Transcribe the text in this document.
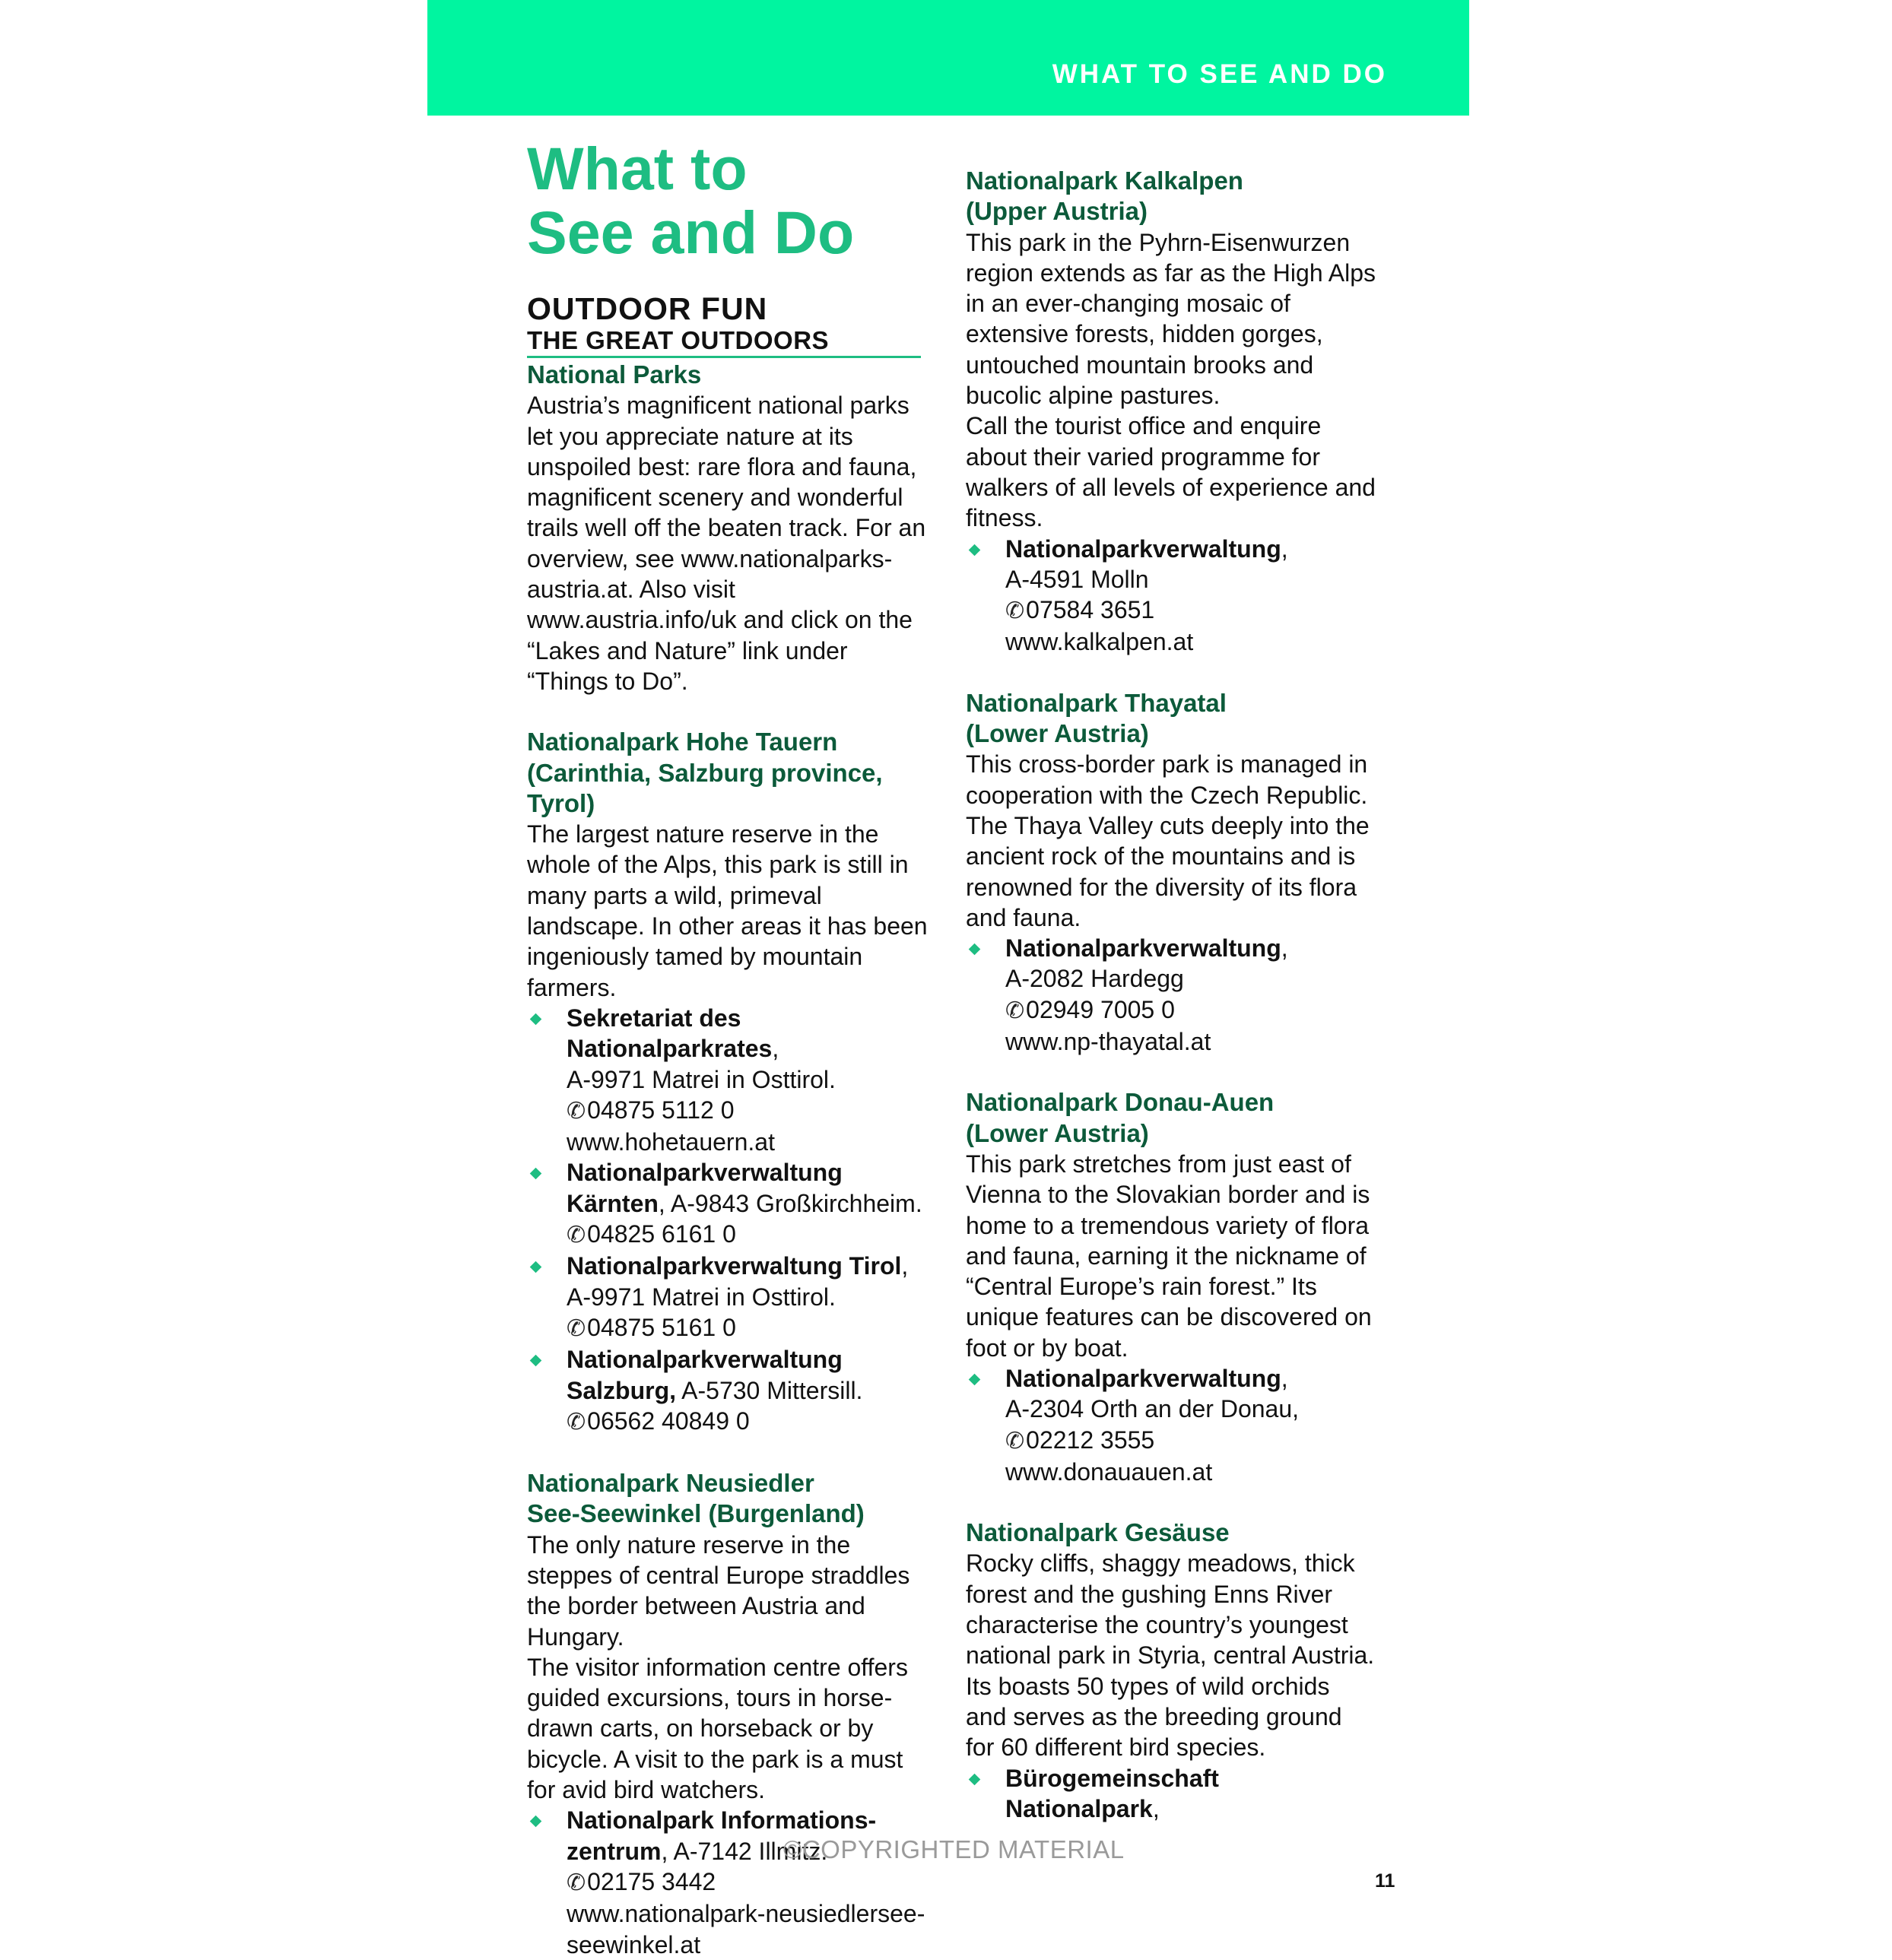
WHAT TO SEE AND DO
What to
See and Do
OUTDOOR FUN
THE GREAT OUTDOORS
National Parks

Austria’s magnificent national parks let you appreciate nature at its unspoiled best: rare flora and fauna, magnificent scenery and wonderful trails well off the beaten track. For an overview, see www.nationalparks-austria.at. Also visit www.austria.info/uk and click on the “Lakes and Nature” link under “Things to Do”.

Nationalpark Hohe Tauern
(Carinthia, Salzburg province, Tyrol)

The largest nature reserve in the whole of the Alps, this park is still in many parts a wild, primeval landscape. In other areas it has been ingeniously tamed by mountain farmers.

Sekretariat des Nationalparkrates,
A-9971 Matrei in Osttirol.
✆04875 5112 0
www.hohetauern.at
Nationalparkverwaltung Kärnten, A-9843 Großkirchheim.
✆04825 6161 0
Nationalparkverwaltung Tirol,
A-9971 Matrei in Osttirol.
✆04875 5161 0
Nationalparkverwaltung Salzburg, A-5730 Mittersill.
✆06562 40849 0
Nationalpark Neusiedler
See-Seewinkel (Burgenland)

The only nature reserve in the steppes of central Europe straddles the border between Austria and Hungary.

The visitor information centre offers guided excursions, tours in horse-drawn carts, on horseback or by bicycle. A visit to the park is a must for avid bird watchers.

Nationalpark Informations-zentrum, A-7142 Illmitz.
✆02175 3442
www.nationalpark-neusiedlersee-seewinkel.at
Nationalpark Kalkalpen
(Upper Austria)

This park in the Pyhrn-Eisenwurzen region extends as far as the High Alps in an ever-changing mosaic of extensive forests, hidden gorges, untouched mountain brooks and bucolic alpine pastures.

Call the tourist office and enquire about their varied programme for walkers of all levels of experience and fitness.

Nationalparkverwaltung,
A-4591 Molln
✆07584 3651
www.kalkalpen.at
Nationalpark Thayatal
(Lower Austria)

This cross-border park is managed in cooperation with the Czech Republic. The Thaya Valley cuts deeply into the ancient rock of the mountains and is renowned for the diversity of its flora and fauna.

Nationalparkverwaltung,
A-2082 Hardegg
✆02949 7005 0
www.np-thayatal.at
Nationalpark Donau-Auen
(Lower Austria)

This park stretches from just east of Vienna to the Slovakian border and is home to a tremendous variety of flora and fauna, earning it the nickname of “Central Europe’s rain forest.” Its unique features can be discovered on foot or by boat.

Nationalparkverwaltung,
A-2304 Orth an der Donau,
✆02212 3555
www.donauauen.at
Nationalpark Gesäuse

Rocky cliffs, shaggy meadows, thick forest and the gushing Enns River characterise the country’s youngest national park in Styria, central Austria. Its boasts 50 types of wild orchids and serves as the breeding ground for 60 different bird species.

Bürogemeinschaft
Nationalpark,
©COPYRIGHTED MATERIAL
11
